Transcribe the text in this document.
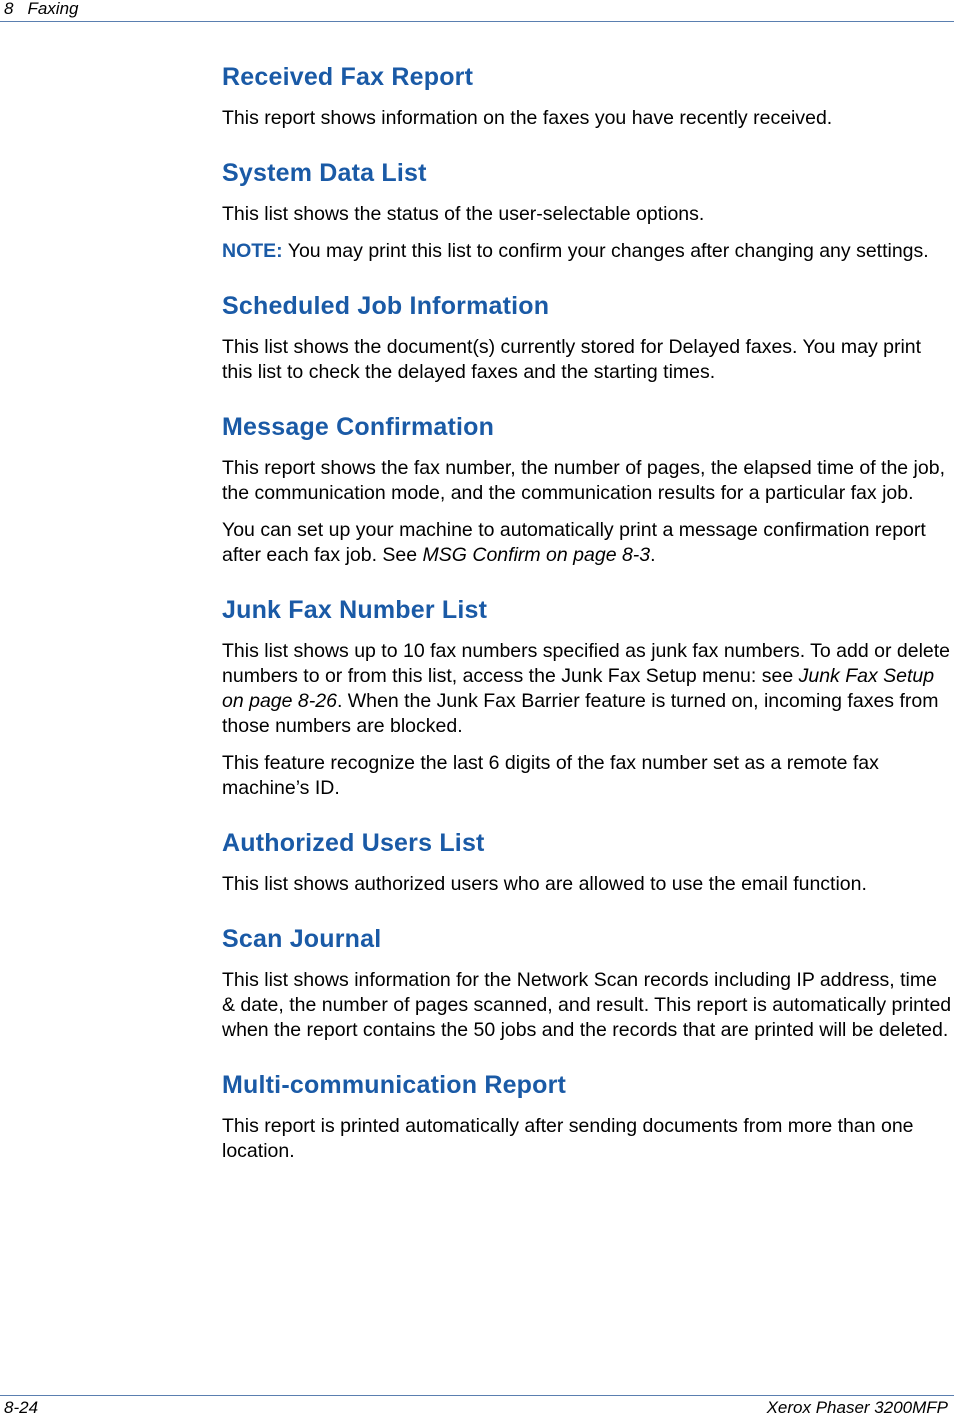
8 Faxing
Received Fax Report

This report shows information on the faxes you have recently received.

System Data List

This list shows the status of the user-selectable options.

NOTE: You may print this list to confirm your changes after changing any settings.

Scheduled Job Information

This list shows the document(s) currently stored for Delayed faxes. You may print this list to check the delayed faxes and the starting times.

Message Confirmation

This report shows the fax number, the number of pages, the elapsed time of the job, the communication mode, and the communication results for a particular fax job.

You can set up your machine to automatically print a message confirmation report after each fax job. See MSG Confirm on page 8-3.

Junk Fax Number List

This list shows up to 10 fax numbers specified as junk fax numbers. To add or delete numbers to or from this list, access the Junk Fax Setup menu: see Junk Fax Setup on page 8-26. When the Junk Fax Barrier feature is turned on, incoming faxes from those numbers are blocked.

This feature recognize the last 6 digits of the fax number set as a remote fax machine’s ID.

Authorized Users List

This list shows authorized users who are allowed to use the email function.

Scan Journal

This list shows information for the Network Scan records including IP address, time & date, the number of pages scanned, and result. This report is automatically printed when the report contains the 50 jobs and the records that are printed will be deleted.

Multi-communication Report

This report is printed automatically after sending documents from more than one location.

8-24	Xerox Phaser 3200MFP
